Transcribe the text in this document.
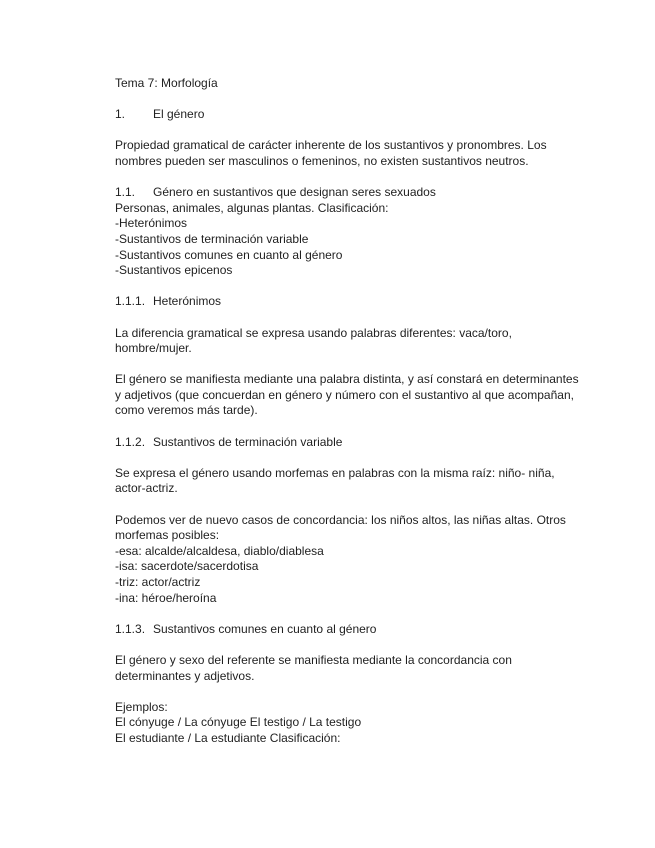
Tema 7: Morfología
1. El género
Propiedad gramatical de carácter inherente de los sustantivos y pronombres. Los
nombres pueden ser masculinos o femeninos, no existen sustantivos neutros.
1.1. Género en sustantivos que designan seres sexuados
Personas, animales, algunas plantas. Clasificación:
-Heterónimos
-Sustantivos de terminación variable
-Sustantivos comunes en cuanto al género
-Sustantivos epicenos
1.1.1. Heterónimos
La diferencia gramatical se expresa usando palabras diferentes: vaca/toro,
hombre/mujer.
El género se manifiesta mediante una palabra distinta, y así constará en determinantes
y adjetivos (que concuerdan en género y número con el sustantivo al que acompañan,
como veremos más tarde).
1.1.2. Sustantivos de terminación variable
Se expresa el género usando morfemas en palabras con la misma raíz: niño- niña,
actor-actriz.
Podemos ver de nuevo casos de concordancia: los niños altos, las niñas altas. Otros
morfemas posibles:
-esa: alcalde/alcaldesa, diablo/diablesa
-isa: sacerdote/sacerdotisa
-triz: actor/actriz
-ina: héroe/heroína
1.1.3. Sustantivos comunes en cuanto al género
El género y sexo del referente se manifiesta mediante la concordancia con
determinantes y adjetivos.
Ejemplos:
El cónyuge / La cónyuge El testigo / La testigo
El estudiante / La estudiante Clasificación:
